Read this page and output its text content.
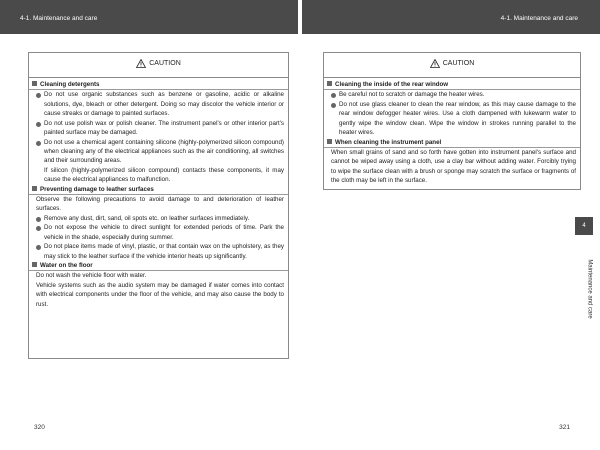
4-1. Maintenance and care	4-1. Maintenance and care
CAUTION
Cleaning detergents

Do not use organic substances such as benzene or gasoline, acidic or alkaline solutions, dye, bleach or other detergent. Doing so may discolor the vehicle interior or cause streaks or damage to painted surfaces.

Do not use polish wax or polish cleaner. The instrument panel's or other interior part's painted surface may be damaged.

Do not use a chemical agent containing silicone (highly-polymerized silicon compound) when cleaning any of the electrical appliances such as the air conditioning, all switches and their surrounding areas.

If silicon (highly-polymerized silicon compound) contacts these components, it may cause the electrical appliances to malfunction.

Preventing damage to leather surfaces

Observe the following precautions to avoid damage to and deterioration of leather surfaces.

Remove any dust, dirt, sand, oil spots etc. on leather surfaces immediately.

Do not expose the vehicle to direct sunlight for extended periods of time. Park the vehicle in the shade, especially during summer.

Do not place items made of vinyl, plastic, or that contain wax on the upholstery, as they may stick to the leather surface if the vehicle interior heats up significantly.

Water on the floor

Do not wash the vehicle floor with water.

Vehicle systems such as the audio system may be damaged if water comes into contact with electrical components under the floor of the vehicle, and may also cause the body to rust.

CAUTION
Cleaning the inside of the rear window

Be careful not to scratch or damage the heater wires.

Do not use glass cleaner to clean the rear window, as this may cause damage to the rear window defogger heater wires. Use a cloth dampened with lukewarm water to gently wipe the window clean. Wipe the window in strokes running parallel to the heater wires.

When cleaning the instrument panel

When small grains of sand and so forth have gotten into instrument panel's surface and cannot be wiped away using a cloth, use a clay bar without adding water. Forcibly trying to wipe the surface clean with a brush or sponge may scratch the surface or fragments of the cloth may be left in the surface.

4
Maintenance and care
320	321
